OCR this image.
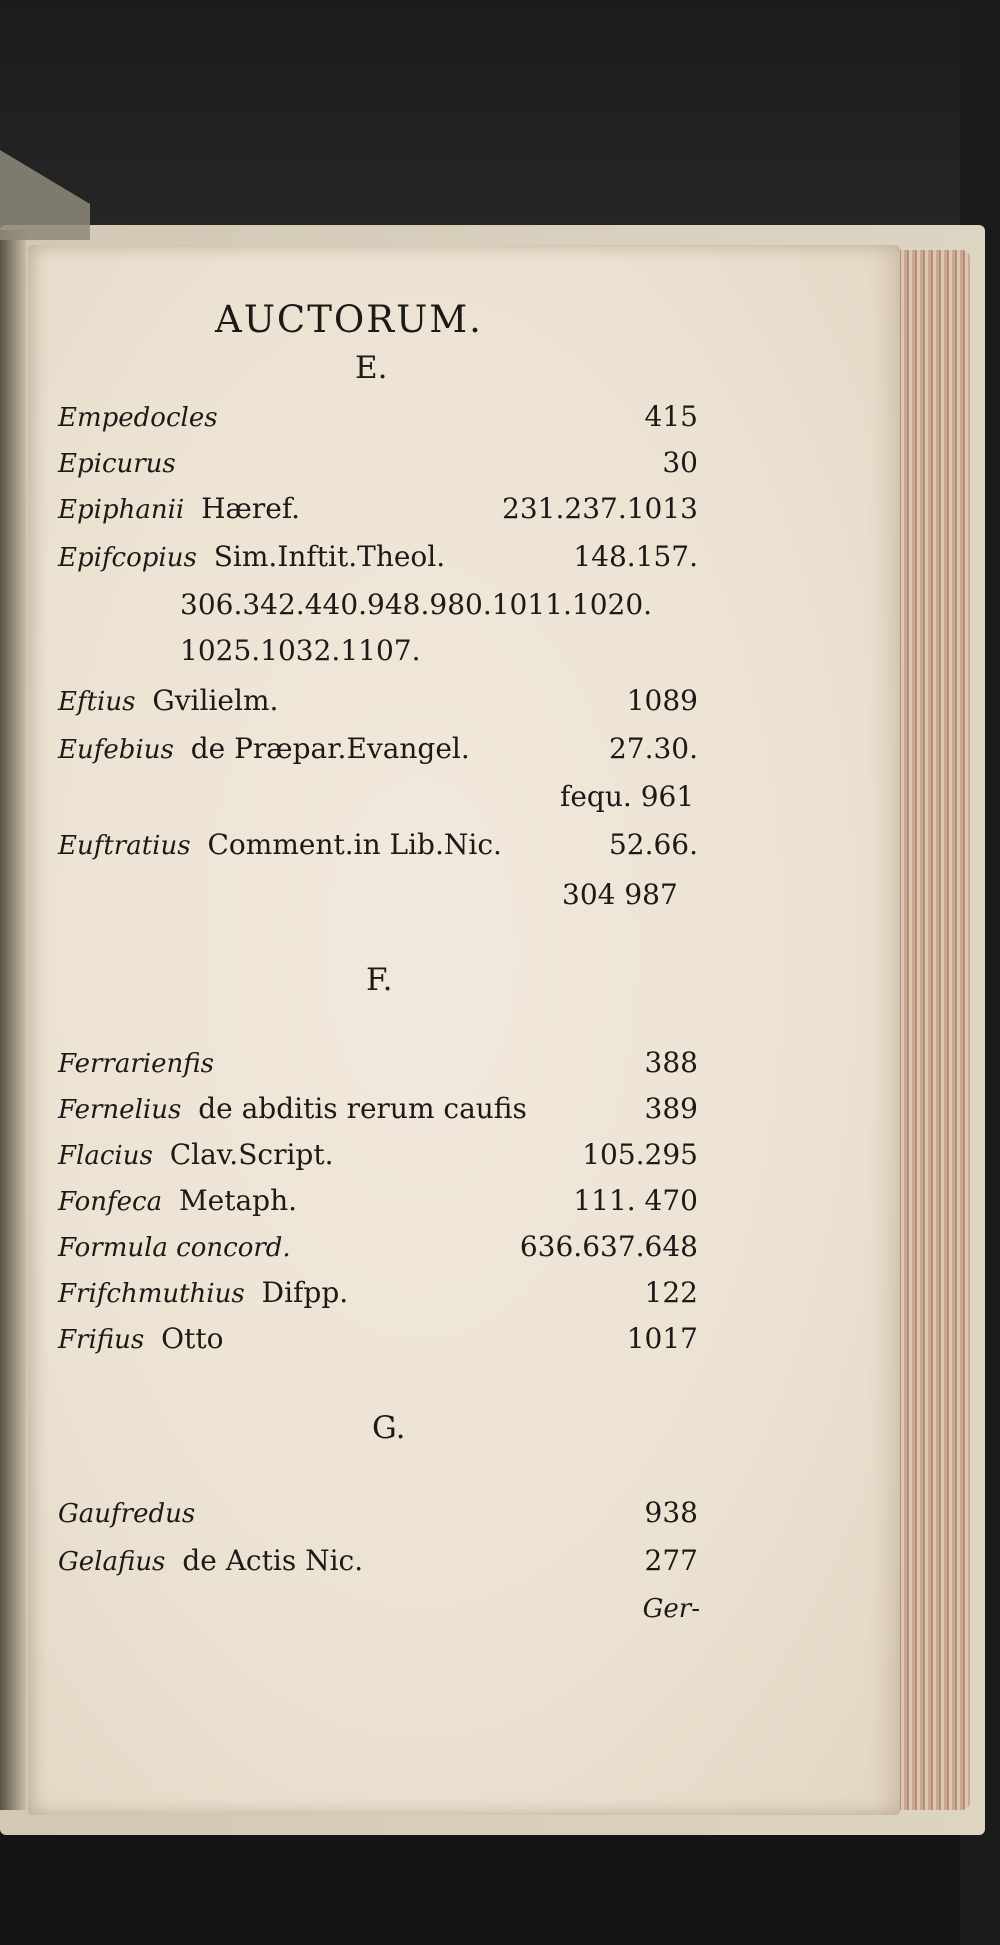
AUCTORUM.
E.
Empedocles	415
Epicurus	30
Epiphanii Hæref.	231.237.1013
Epifcopius Sim.Inftit.Theol.	148.157.
306.342.440.948.980.1011.1020.
1025.1032.1107.
Eftius Gvilielm.	1089
Eufebius de Præpar.Evangel.	27.30.
fequ. 961
Euftratius Comment.in Lib.Nic.	52.66.
304 987
F.
Ferrarienfis	388
Fernelius de abditis rerum caufis	389
Flacius Clav.Script.	105.295
Fonfeca Metaph.	111. 470
Formula concord.	636.637.648
Frifchmuthius Difpp.	122
Frifius Otto	1017
G.
Gaufredus	938
Gelafius de Actis Nic.	277
Ger-
